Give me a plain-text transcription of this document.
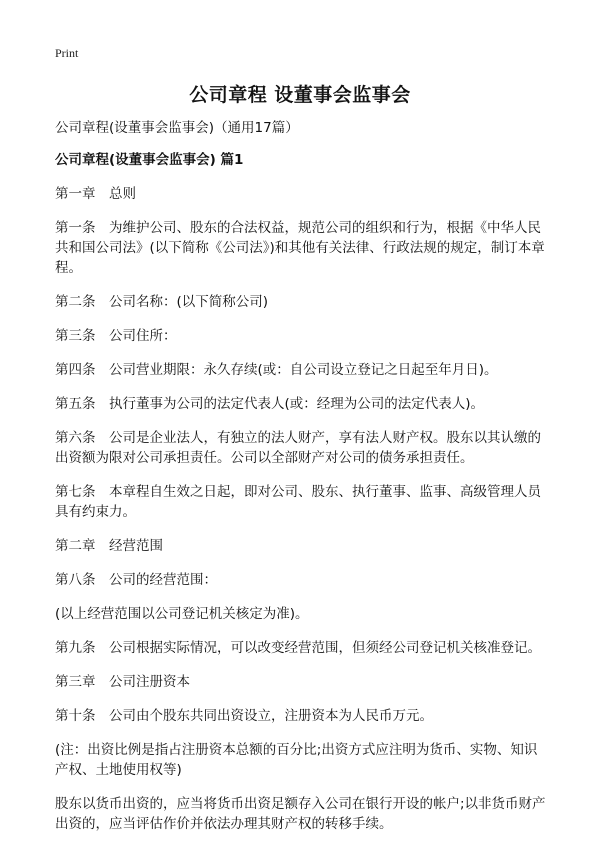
Print
公司章程 设董事会监事会

公司章程(设董事会监事会)（通用17篇）

公司章程(设董事会监事会) 篇1

第一章　总则

第一条　为维护公司、股东的合法权益，规范公司的组织和行为，根据《中华人民共和国公司法》(以下简称《公司法》)和其他有关法律、行政法规的规定，制订本章程。

第二条　公司名称：(以下简称公司)

第三条　公司住所：

第四条　公司营业期限：永久存续(或：自公司设立登记之日起至年月日)。

第五条　执行董事为公司的法定代表人(或：经理为公司的法定代表人)。

第六条　公司是企业法人，有独立的法人财产，享有法人财产权。股东以其认缴的出资额为限对公司承担责任。公司以全部财产对公司的债务承担责任。

第七条　本章程自生效之日起，即对公司、股东、执行董事、监事、高级管理人员具有约束力。

第二章　经营范围

第八条　公司的经营范围：

(以上经营范围以公司登记机关核定为准)。

第九条　公司根据实际情况，可以改变经营范围，但须经公司登记机关核准登记。

第三章　公司注册资本

第十条　公司由个股东共同出资设立，注册资本为人民币万元。

(注：出资比例是指占注册资本总额的百分比;出资方式应注明为货币、实物、知识产权、土地使用权等)

股东以货币出资的，应当将货币出资足额存入公司在银行开设的帐户;以非货币财产出资的，应当评估作价并依法办理其财产权的转移手续。
